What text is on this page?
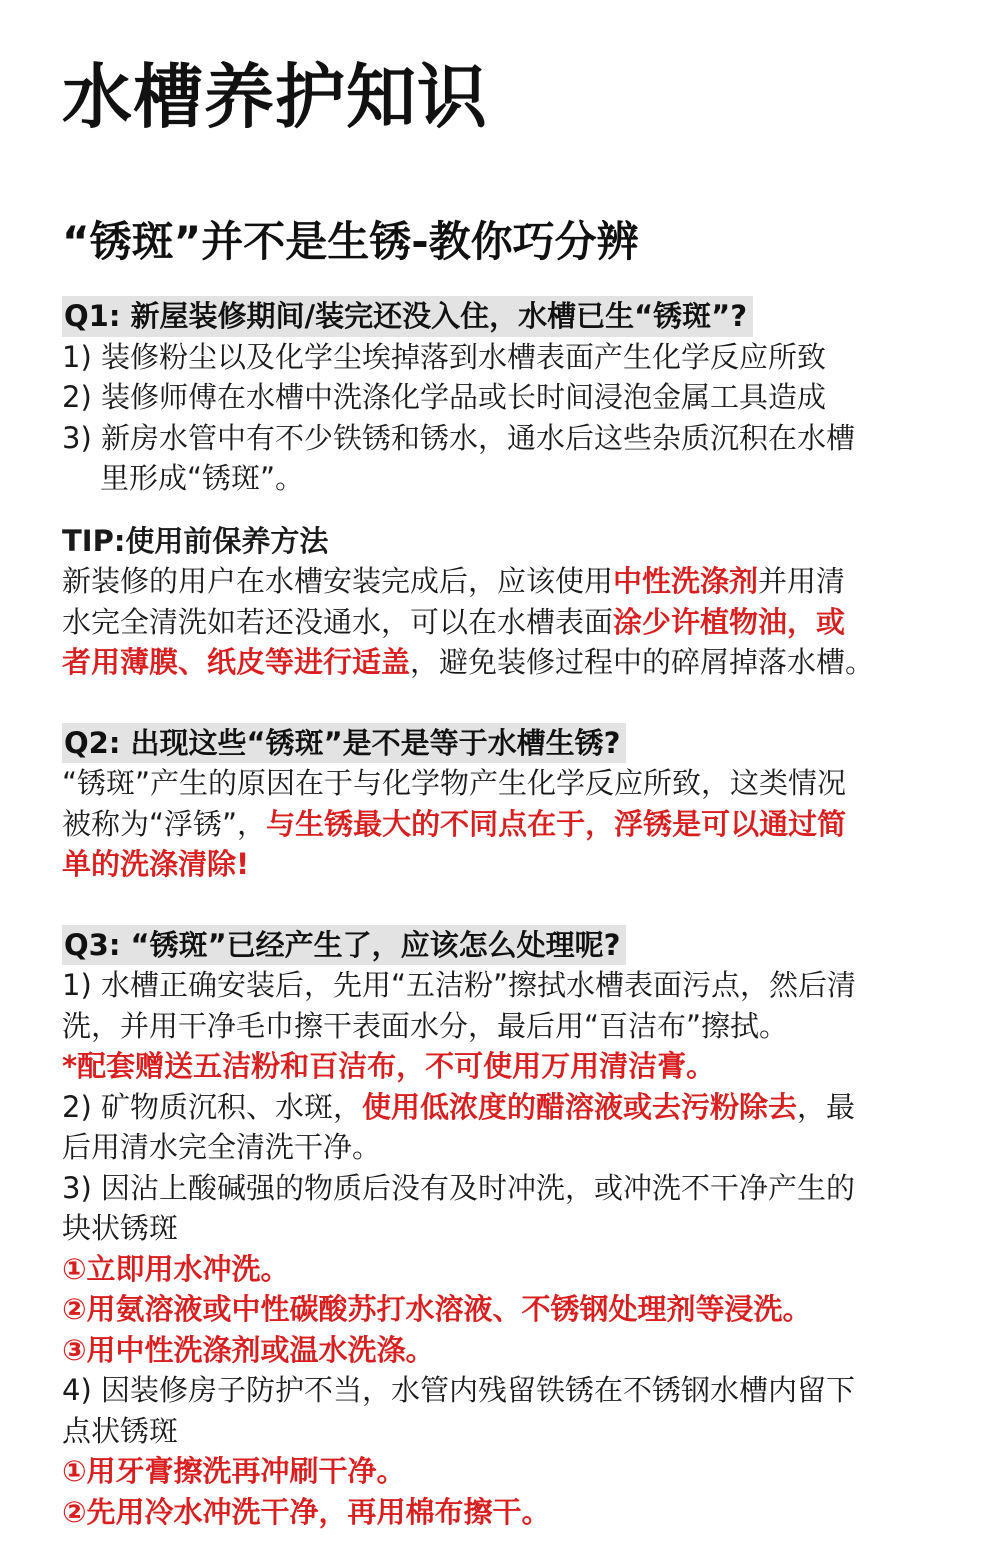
水槽养护知识
“锈斑”并不是生锈-教你巧分辨
Q1: 新屋装修期间/装完还没入住，水槽已生“锈斑”?
1) 装修粉尘以及化学尘埃掉落到水槽表面产生化学反应所致
2) 装修师傅在水槽中洗涤化学品或长时间浸泡金属工具造成
3) 新房水管中有不少铁锈和锈水，通水后这些杂质沉积在水槽
里形成“锈斑”。
TIP:使用前保养方法
新装修的用户在水槽安装完成后，应该使用中性洗涤剂并用清
水完全清洗如若还没通水，可以在水槽表面涂少许植物油，或
者用薄膜、纸皮等进行适盖，避免装修过程中的碎屑掉落水槽。
Q2: 出现这些“锈斑”是不是等于水槽生锈?
“锈斑”产生的原因在于与化学物产生化学反应所致，这类情况
被称为“浮锈”，与生锈最大的不同点在于，浮锈是可以通过简
单的洗涤清除!
Q3: “锈斑”已经产生了，应该怎么处理呢?
1) 水槽正确安装后，先用“五洁粉”擦拭水槽表面污点，然后清
洗，并用干净毛巾擦干表面水分，最后用“百洁布”擦拭。
*配套赠送五洁粉和百洁布，不可使用万用清洁膏。
2) 矿物质沉积、水斑，使用低浓度的醋溶液或去污粉除去，最
后用清水完全清洗干净。
3) 因沾上酸碱强的物质后没有及时冲洗，或冲洗不干净产生的
块状锈斑
①立即用水冲洗。
②用氨溶液或中性碳酸苏打水溶液、不锈钢处理剂等浸洗。
③用中性洗涤剂或温水洗涤。
4) 因装修房子防护不当，水管内残留铁锈在不锈钢水槽内留下
点状锈斑
①用牙膏擦洗再冲刷干净。
②先用冷水冲洗干净，再用棉布擦干。
